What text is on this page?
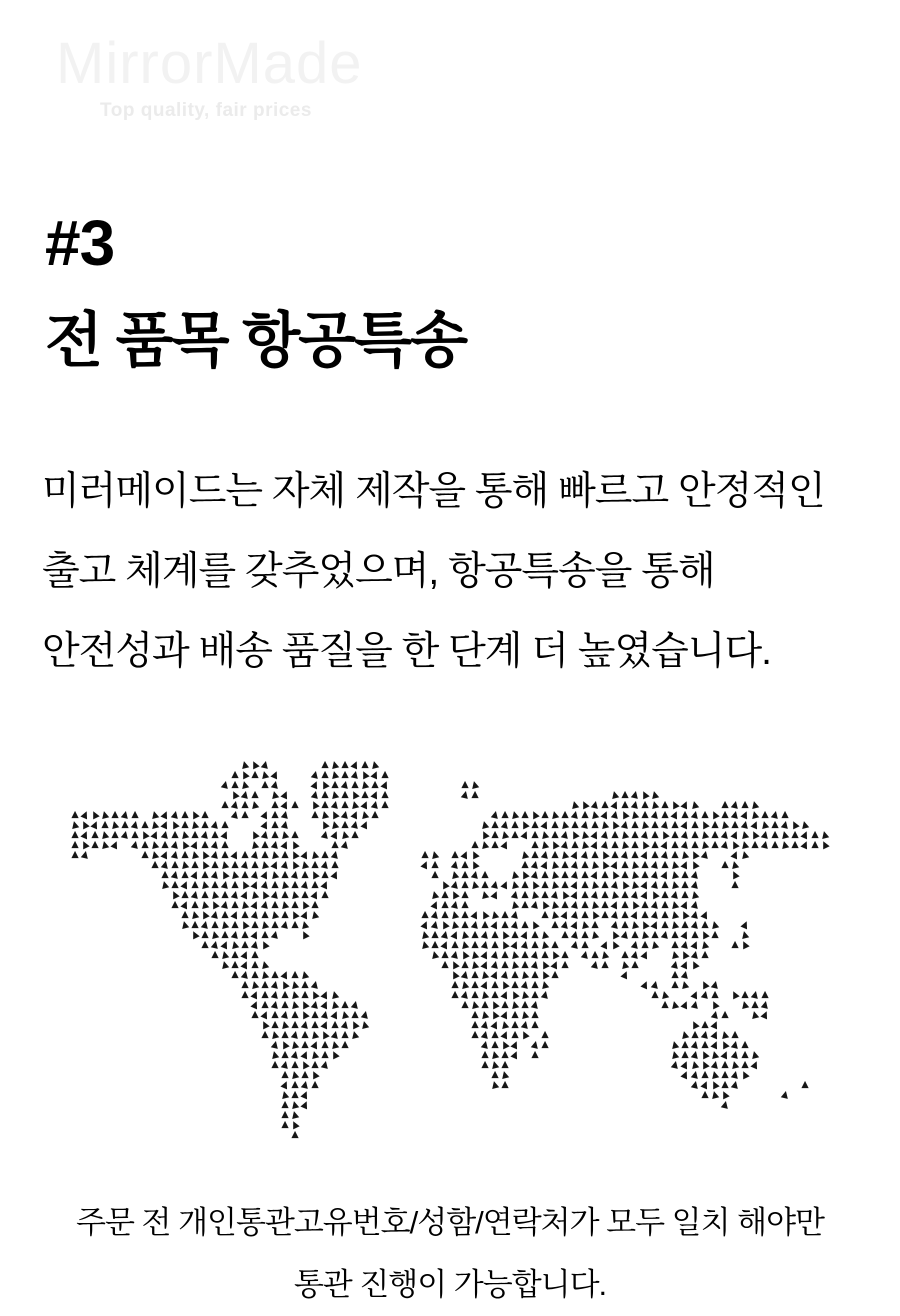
MirrorMade
Top quality, fair prices
#3
전 품목 항공특송
미러메이드는 자체 제작을 통해 빠르고 안정적인
출고 체계를 갖추었으며, 항공특송을 통해
안전성과 배송 품질을 한 단계 더 높였습니다.
▲ ▲ ▲	▲ ▲ ▲ ▲ ▲ ▲
▲ ▲ ▲ ▲ ▲	▲ ▲ ▲ ▲ ▲ ▲ ▲ ▲
▲ ▲ ▲ ▲ ▲	▲
▲ ▲ ▲ ▲ ▲ ▲ ▲	▲ ▲
▲ ▲ ▲ ▲ ▲ ▲ ▲ ▲ ▲ ▲ ▲ ▲ ▲	▲ ▲	▲ ▲ ▲ ▲ ▲
▲ ▲ ▲ ▲ ▲ ▲ ▲ ▲ ▲ ▲ ▲ ▲ ▲ ▲ ▲	▲ ▲ ▲ ▲ ▲ ▲ ▲ ▲ ▲ ▲ ▲ ▲ ▲ ▲ ▲ ▲ ▲
▲ ▲
▲ ▲ ▲ ▲ ▲ ▲ ▲ ▲ ▲ ▲ ▲ ▲ ▲ ▲ ▲ ▲ ▲ ▲ ▲ ▲ ▲ ▲ ▲	▲ ▲ ▲ ▲ ▲ ▲ ▲ ▲ ▲ ▲ ▲ ▲ ▲ ▲ ▲ ▲ ▲ ▲ ▲ ▲ ▲ ▲ ▲ ▲ ▲ ▲ ▲ ▲ ▲ ▲
▲ ▲ ▲ ▲ ▲ ▲ ▲ ▲ ▲ ▲
▲ ▲ ▲ ▲ ▲ ▲	▲ ▲ ▲	▲ ▲ ▲ ▲ ▲	▲ ▲ ▲ ▲ ▲ ▲ ▲ ▲ ▲ ▲ ▲ ▲ ▲ ▲ ▲ ▲ ▲ ▲ ▲ ▲ ▲ ▲ ▲ ▲ ▲ ▲ ▲ ▲ ▲ ▲ ▲ ▲ ▲
▲ ▲ ▲ ▲ ▲ ▲ ▲ ▲ ▲ ▲ ▲ ▲ ▲ ▲ ▲ ▲ ▲ ▲ ▲ ▲ ▲ ▲ ▲ ▲ ▲	▲ ▲ ▲ ▲ ▲ ▲ ▲ ▲ ▲ ▲ ▲ ▲ ▲ ▲ ▲ ▲ ▲ ▲ ▲ ▲ ▲ ▲ ▲ ▲ ▲ ▲ ▲ ▲ ▲ ▲ ▲ ▲ ▲ ▲ ▲
▲ ▲ ▲ ▲ ▲ ▲ ▲ ▲ ▲ ▲ ▲ ▲ ▲ ▲ ▲ ▲ ▲ ▲ ▲
▲	▲ ▲	▲ ▲ ▲ ▲ ▲ ▲ ▲ ▲ ▲ ▲ ▲ ▲ ▲ ▲ ▲ ▲ ▲ ▲ ▲ ▲ ▲ ▲ ▲ ▲ ▲ ▲ ▲ ▲ ▲ ▲ ▲ ▲ ▲ ▲
▲ ▲	▲ ▲ ▲ ▲ ▲ ▲ ▲ ▲ ▲ ▲ ▲ ▲ ▲ ▲ ▲ ▲ ▲ ▲ ▲ ▲	▲ ▲ ▲ ▲
▲	▲ ▲ ▲ ▲ ▲ ▲ ▲ ▲ ▲ ▲ ▲ ▲ ▲ ▲ ▲ ▲ ▲ ▲ ▲ ▲ ▲
▲ ▲ ▲ ▲ ▲ ▲ ▲ ▲ ▲ ▲ ▲ ▲ ▲ ▲ ▲ ▲ ▲ ▲ ▲	▲ ▲ ▲ ▲ ▲	▲ ▲ ▲ ▲ ▲ ▲ ▲ ▲ ▲ ▲ ▲ ▲ ▲ ▲ ▲ ▲ ▲
▲ ▲ ▲
▲ ▲ ▲ ▲ ▲ ▲ ▲ ▲ ▲ ▲ ▲ ▲ ▲ ▲ ▲ ▲ ▲ ▲	▲ ▲ ▲ ▲ ▲ ▲ ▲ ▲ ▲ ▲ ▲ ▲ ▲ ▲ ▲ ▲ ▲ ▲ ▲ ▲ ▲ ▲ ▲ ▲	▲
▲ ▲ ▲ ▲ ▲ ▲ ▲ ▲ ▲ ▲ ▲ ▲ ▲ ▲ ▲ ▲ ▲	▲ ▲ ▲ ▲ ▲ ▲ ▲ ▲ ▲ ▲ ▲ ▲ ▲ ▲ ▲ ▲ ▲ ▲ ▲ ▲ ▲ ▲ ▲ ▲ ▲ ▲	▲
▲ ▲ ▲ ▲ ▲ ▲ ▲ ▲ ▲ ▲ ▲ ▲ ▲ ▲ ▲ ▲	▲ ▲ ▲ ▲ ▲ ▲ ▲ ▲ ▲ ▲ ▲ ▲ ▲ ▲ ▲ ▲ ▲ ▲ ▲ ▲
▲ ▲ ▲ ▲ ▲
▲ ▲ ▲ ▲ ▲ ▲ ▲ ▲ ▲ ▲ ▲ ▲ ▲ ▲ ▲	▲ ▲ ▲ ▲	▲ ▲ ▲ ▲ ▲ ▲ ▲ ▲ ▲ ▲ ▲ ▲ ▲ ▲ ▲ ▲ ▲ ▲ ▲
▲ ▲ ▲ ▲ ▲ ▲ ▲ ▲ ▲ ▲ ▲ ▲ ▲ ▲	▲ ▲ ▲ ▲ ▲ ▲
▲ ▲ ▲ ▲ ▲ ▲ ▲ ▲ ▲ ▲ ▲ ▲ ▲ ▲ ▲ ▲ ▲ ▲ ▲ ▲ ▲
▲ ▲ ▲ ▲ ▲ ▲ ▲ ▲ ▲ ▲ ▲ ▲ ▲	▲ ▲ ▲ ▲ ▲ ▲ ▲ ▲ ▲ ▲ ▲ ▲ ▲ ▲ ▲ ▲ ▲ ▲ ▲ ▲ ▲ ▲ ▲ ▲ ▲ ▲ ▲ ▲ ▲
▲ ▲ ▲ ▲ ▲ ▲ ▲ ▲ ▲ ▲	▲ ▲ ▲ ▲ ▲ ▲ ▲ ▲ ▲ ▲ ▲ ▲ ▲ ▲ ▲ ▲ ▲ ▲ ▲ ▲ ▲ ▲ ▲ ▲ ▲ ▲ ▲ ▲ ▲
▲ ▲ ▲ ▲ ▲ ▲ ▲	▲ ▲ ▲ ▲ ▲ ▲ ▲ ▲ ▲ ▲ ▲ ▲ ▲ ▲ ▲ ▲ ▲
▲ ▲ ▲ ▲ ▲ ▲ ▲ ▲ ▲ ▲
▲ ▲ ▲ ▲ ▲	▲ ▲ ▲ ▲ ▲ ▲ ▲ ▲ ▲ ▲ ▲ ▲ ▲ ▲ ▲ ▲ ▲ ▲ ▲ ▲ ▲ ▲ ▲ ▲
▲ ▲ ▲ ▲ ▲	▲ ▲ ▲ ▲ ▲ ▲ ▲ ▲ ▲ ▲ ▲ ▲ ▲ ▲ ▲ ▲ ▲	▲ ▲
▲
▲ ▲ ▲ ▲ ▲ ▲ ▲ ▲	▲ ▲ ▲ ▲ ▲ ▲ ▲ ▲ ▲ ▲ ▲	▲	▲ ▲
▲ ▲ ▲ ▲ ▲ ▲ ▲ ▲	▲ ▲ ▲ ▲ ▲ ▲ ▲ ▲ ▲ ▲	▲ ▲ ▲ ▲ ▲ ▲
▲ ▲ ▲ ▲ ▲ ▲ ▲ ▲ ▲ ▲	▲ ▲ ▲ ▲ ▲ ▲
▲ ▲ ▲ ▲	▲ ▲ ▲ ▲ ▲ ▲ ▲ ▲ ▲
▲ ▲ ▲ ▲ ▲ ▲ ▲ ▲ ▲ ▲ ▲	▲ ▲ ▲ ▲ ▲ ▲ ▲ ▲	▲ ▲ ▲ ▲ ▲ ▲ ▲ ▲
▲ ▲ ▲ ▲ ▲ ▲ ▲ ▲ ▲ ▲ ▲ ▲	▲ ▲ ▲ ▲ ▲ ▲ ▲	▲ ▲ ▲ ▲
▲ ▲ ▲ ▲ ▲ ▲ ▲ ▲ ▲ ▲ ▲	▲ ▲ ▲ ▲ ▲ ▲ ▲	▲ ▲ ▲
▲ ▲ ▲ ▲ ▲ ▲ ▲ ▲ ▲ ▲	▲ ▲ ▲ ▲ ▲ ▲ ▲	▲ ▲ ▲ ▲ ▲ ▲
▲ ▲ ▲ ▲ ▲ ▲ ▲ ▲	▲ ▲ ▲ ▲ ▲ ▲	▲ ▲ ▲ ▲ ▲
▲ ▲ ▲
▲ ▲ ▲ ▲ ▲ ▲ ▲	▲ ▲ ▲ ▲ ▲	▲ ▲ ▲ ▲ ▲ ▲ ▲ ▲ ▲
▲ ▲ ▲ ▲ ▲ ▲	▲ ▲ ▲	▲ ▲ ▲ ▲ ▲ ▲ ▲ ▲ ▲
▲ ▲ ▲ ▲	▲ ▲	▲ ▲ ▲ ▲ ▲ ▲ ▲
▲ ▲ ▲ ▲	▲ ▲	▲ ▲
▲ ▲ ▲	▲
▲ ▲ ▲	▲ ▲ ▲	▲
▲ ▲ ▲	▲
▲ ▲
▲ ▲
▲
주문 전 개인통관고유번호/성함/연락처가 모두 일치 해야만
통관 진행이 가능합니다.
